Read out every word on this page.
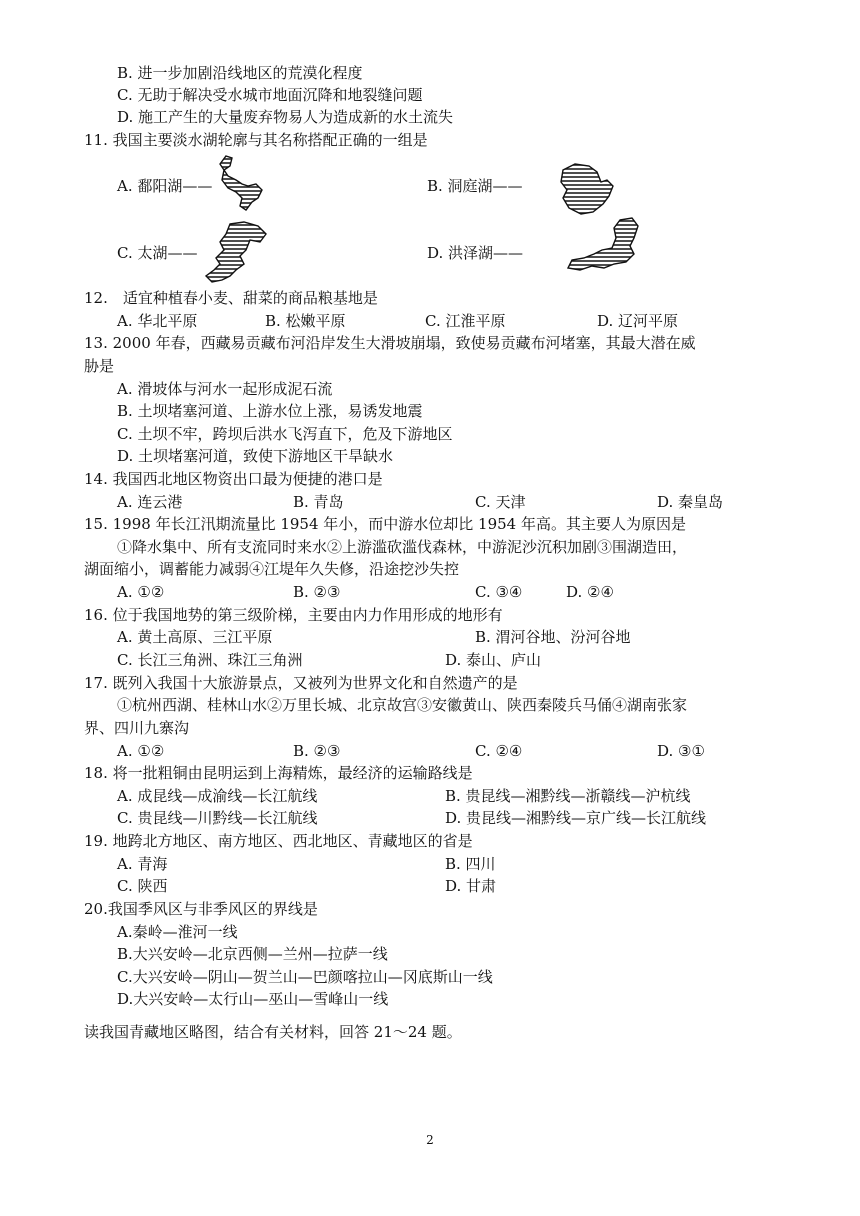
B. 进一步加剧沿线地区的荒漠化程度
C. 无助于解决受水城市地面沉降和地裂缝问题
D. 施工产生的大量废弃物易人为造成新的水土流失
11. 我国主要淡水湖轮廓与其名称搭配正确的一组是
A. 鄱阳湖——	B. 洞庭湖——
C. 太湖——	D. 洪泽湖——
12.　适宜种植春小麦、甜菜的商品粮基地是
A. 华北平原	B. 松嫩平原	C. 江淮平原	D. 辽河平原
13. 2000 年春，西藏易贡藏布河沿岸发生大滑坡崩塌，致使易贡藏布河堵塞，其最大潜在威
胁是
A. 滑坡体与河水一起形成泥石流
B. 土坝堵塞河道、上游水位上涨，易诱发地震
C. 土坝不牢，跨坝后洪水飞泻直下，危及下游地区
D. 土坝堵塞河道，致使下游地区干旱缺水
14. 我国西北地区物资出口最为便捷的港口是
A. 连云港	B. 青岛	C. 天津	D. 秦皇岛
15. 1998 年长江汛期流量比 1954 年小，而中游水位却比 1954 年高。其主要人为原因是
①降水集中、所有支流同时来水②上游滥砍滥伐森林，中游泥沙沉积加剧③围湖造田，
湖面缩小，调蓄能力减弱④江堤年久失修，沿途挖沙失控
A. ①②	B. ②③	C. ③④	D. ②④
16. 位于我国地势的第三级阶梯，主要由内力作用形成的地形有
A. 黄土高原、三江平原	B. 渭河谷地、汾河谷地
C. 长江三角洲、珠江三角洲	D. 泰山、庐山
17. 既列入我国十大旅游景点，又被列为世界文化和自然遗产的是
①杭州西湖、桂林山水②万里长城、北京故宫③安徽黄山、陕西秦陵兵马俑④湖南张家
界、四川九寨沟
A. ①②	B. ②③	C. ②④	D. ③①
18. 将一批粗铜由昆明运到上海精炼，最经济的运输路线是
A. 成昆线—成渝线—长江航线	B. 贵昆线—湘黔线—浙赣线—沪杭线
C. 贵昆线—川黔线—长江航线	D. 贵昆线—湘黔线—京广线—长江航线
19. 地跨北方地区、南方地区、西北地区、青藏地区的省是
A. 青海	B. 四川
C. 陕西	D. 甘肃
20.我国季风区与非季风区的界线是
A.秦岭—淮河一线
B.大兴安岭—北京西侧—兰州—拉萨一线
C.大兴安岭—阴山—贺兰山—巴颜喀拉山—冈底斯山一线
D.大兴安岭—太行山—巫山—雪峰山一线
读我国青藏地区略图，结合有关材料，回答 21～24 题。
2
